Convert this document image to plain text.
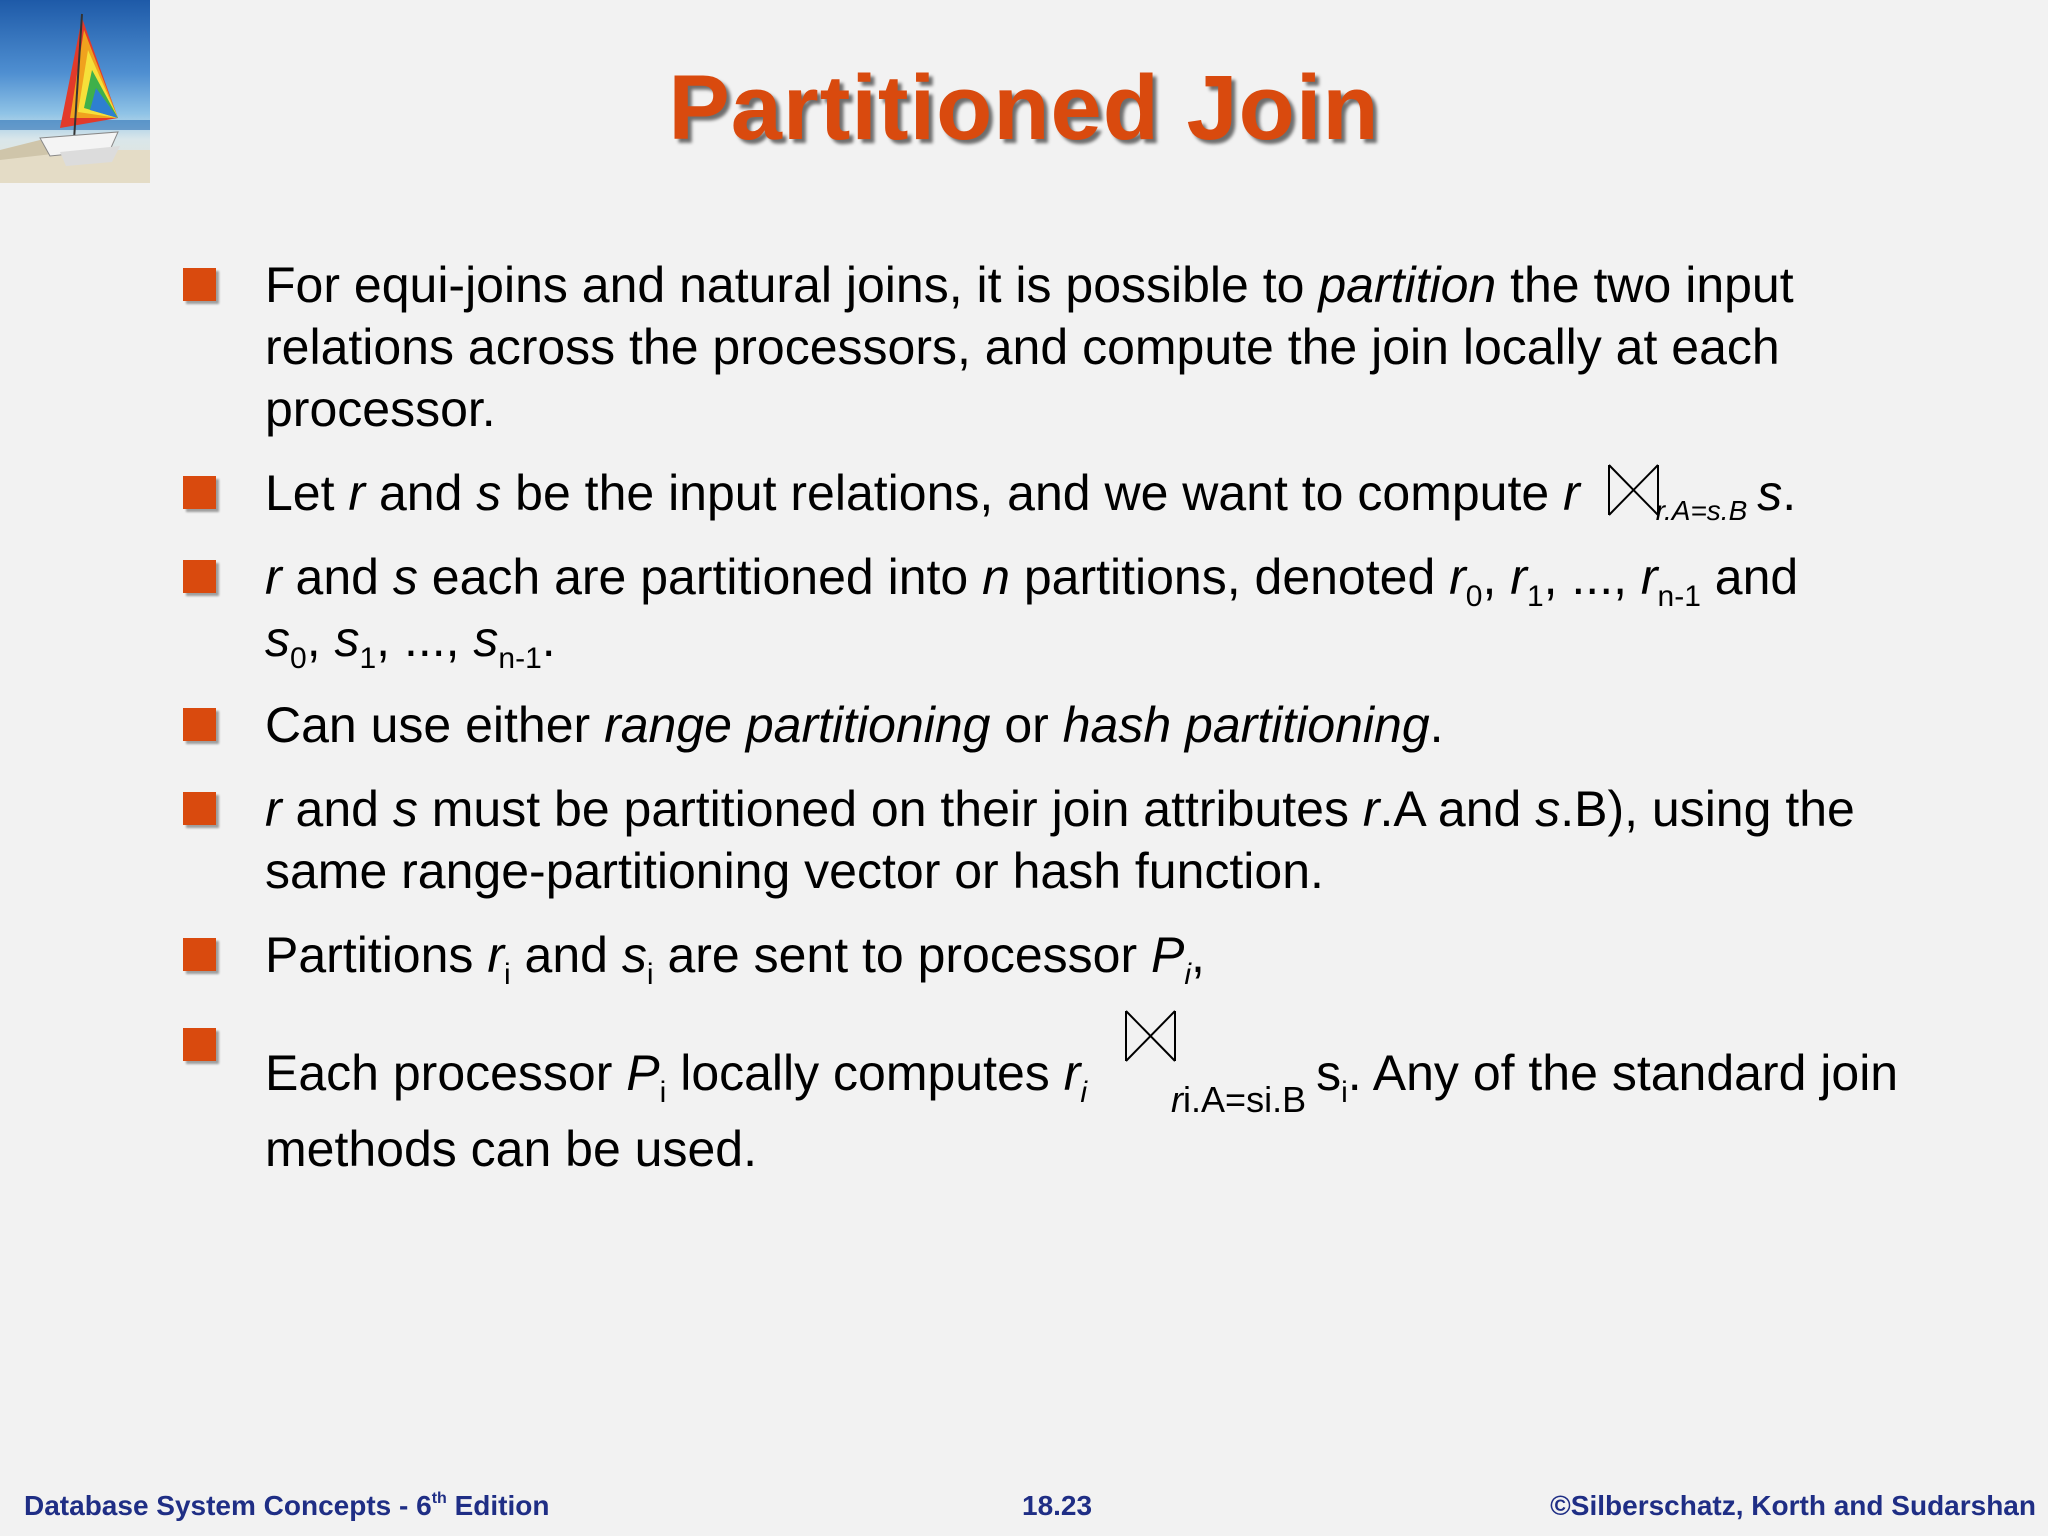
Partitioned Join
For equi-joins and natural joins, it is possible to partition the two input relations across the processors, and compute the join locally at each processor.
Let r and s be the input relations, and we want to compute r	$_{r.A=s.B}$ s.
r and s each are partitioned into n partitions, denoted $r_0$, $r_1$, ..., $r_{n-1}$ and
$s_0$, $s_1$, ..., $s_{n-1}$.
Can use either range partitioning or hash partitioning.
r and s must be partitioned on their join attributes r.A and s.B), using the same range-partitioning vector or hash function.
Partitions $r_i$ and $s_i$ are sent to processor $P_i$,
Each processor $P_i$ locally computes $r_i$ $_{ri.A=si.B}$ $s_i$. Any of the standard join methods can be used.
Database System Concepts - 6th Edition	18.23	©Silberschatz, Korth and Sudarshan
